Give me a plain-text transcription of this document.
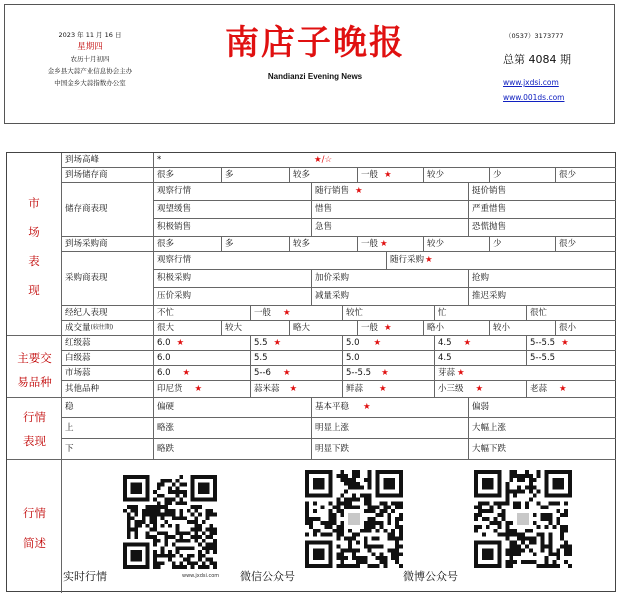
2023 年 11 月 16 日
星期四
农历十月初四
金乡县大蒜产业信息协会主办
中国金乡大蒜指数办公室
南店子晚报
Nandianzi Evening News
（0537）3173777
总第 4084 期
www.jxdsi.com
www.001ds.com
市
场
表
现
到场高峰	*	★/☆
到场储存商	很多	多	较多	一般 ★	较少	少	很少
储存商表现
观察行情	随行销售 ★	挺价销售
观望缓售	惜售	严重惜售
积极销售	急售	恐慌抛售
到场采购商	很多	多	较多	一般 ★	较少	少	很少
采购商表现
观察行情	随行采购 ★
积极采购	加价采购	抢购
压价采购	减量采购	推迟采购
经纪人表现	不忙	一般 ★	较忙	忙	很忙
成交量 (较往期)	很大	较大	略大	一般 ★	略小	较小	很小
主要交
易品种
红级蒜	6.0 ★	5.5 ★	5.0 ★	4.5 ★	5--5.5 ★
白级蒜	6.0	5.5	5.0	4.5	5--5.5
市场蒜	6.0 ★	5--6 ★	5--5.5 ★	芽蒜 ★
其他品种	印尼货 ★	蒜米蒜 ★	鲜蒜 ★	小三级 ★	老蒜 ★
行情
表现
稳	偏硬	基本平稳 ★	偏弱
上	略涨	明显上涨	大幅上涨
下	略跌	明显下跌	大幅下跌
行情
简述
www.jxdsi.com
实时行情	微信公众号	微博公众号
